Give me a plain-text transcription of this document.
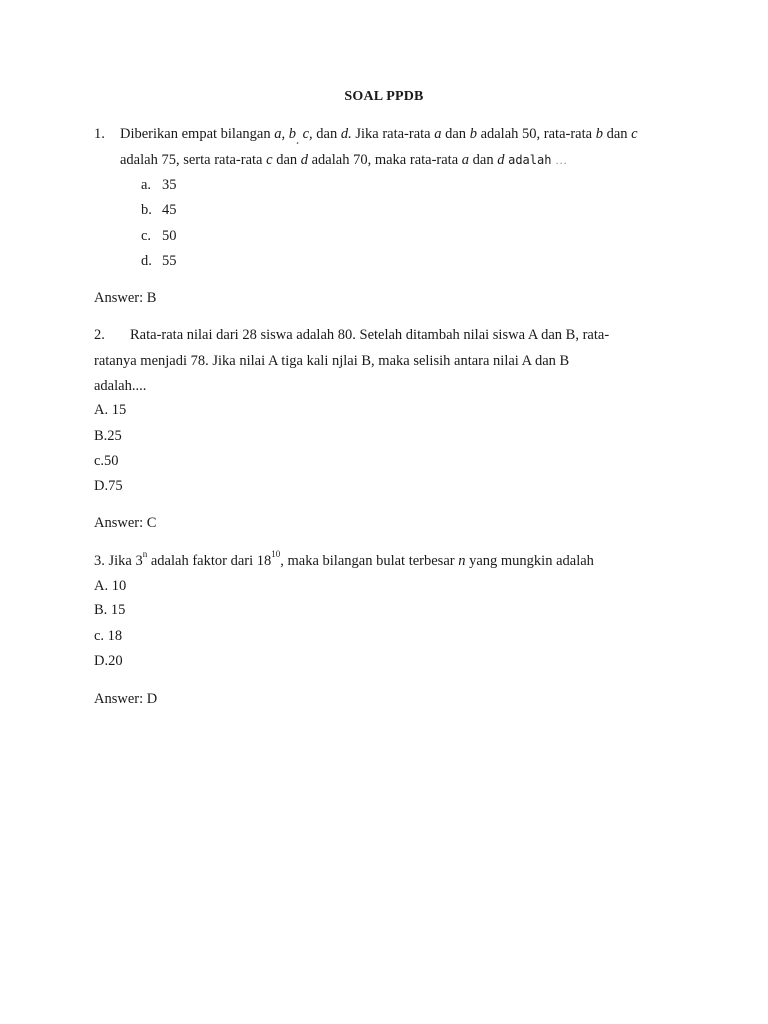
SOAL PPDB
1. Diberikan empat bilangan a, $b_¸$ c, dan d. Jika rata-rata a dan b adalah 50, rata-rata b dan c
adalah 75, serta rata-rata c dan d adalah 70, maka rata-rata a dan d adalah …
a. 35
b. 45
c. 50
d. 55
Answer: B
2. Rata-rata nilai dari 28 siswa adalah 80. Setelah ditambah nilai siswa A dan B, rata-
ratanya menjadi 78. Jika nilai A tiga kali njlai B, maka selisih antara nilai A dan B
adalah....
A. 15
B.25
c.50
D.75
Answer: C
3. Jika 3$^n$ adalah faktor dari $18^{10}$, maka bilangan bulat terbesar n yang mungkin adalah
A. 10
B. 15
c. 18
D.20
Answer: D
